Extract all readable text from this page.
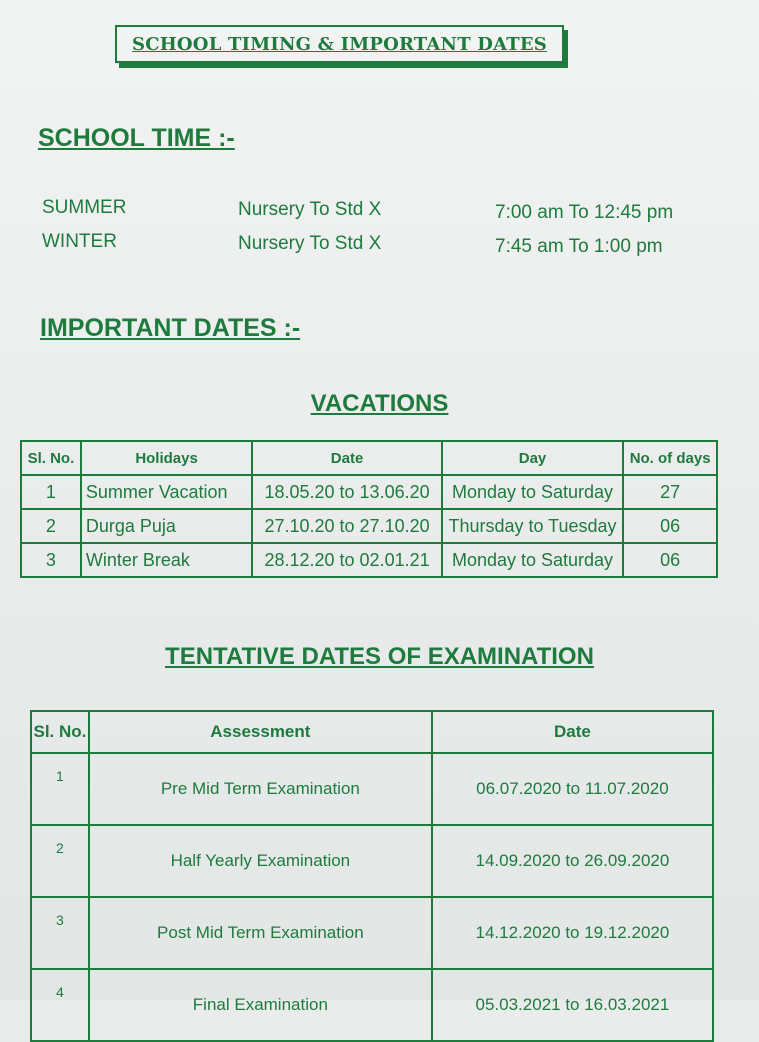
SCHOOL TIMING & IMPORTANT DATES
SCHOOL TIME :-
SUMMER	Nursery To Std X	7:00 am To 12:45 pm
WINTER	Nursery To Std X	7:45 am To 1:00 pm
IMPORTANT DATES :-
VACATIONS
Sl. No.	Holidays	Date	Day	No. of days
1	Summer Vacation	18.05.20 to 13.06.20	Monday to Saturday	27
2	Durga Puja	27.10.20 to 27.10.20	Thursday to Tuesday	06
3	Winter Break	28.12.20 to 02.01.21	Monday to Saturday	06
TENTATIVE DATES OF EXAMINATION
Sl. No.	Assessment	Date
1	Pre Mid Term Examination	06.07.2020 to 11.07.2020
2	Half Yearly Examination	14.09.2020 to 26.09.2020
3	Post Mid Term Examination	14.12.2020 to 19.12.2020
4	Final Examination	05.03.2021 to 16.03.2021
